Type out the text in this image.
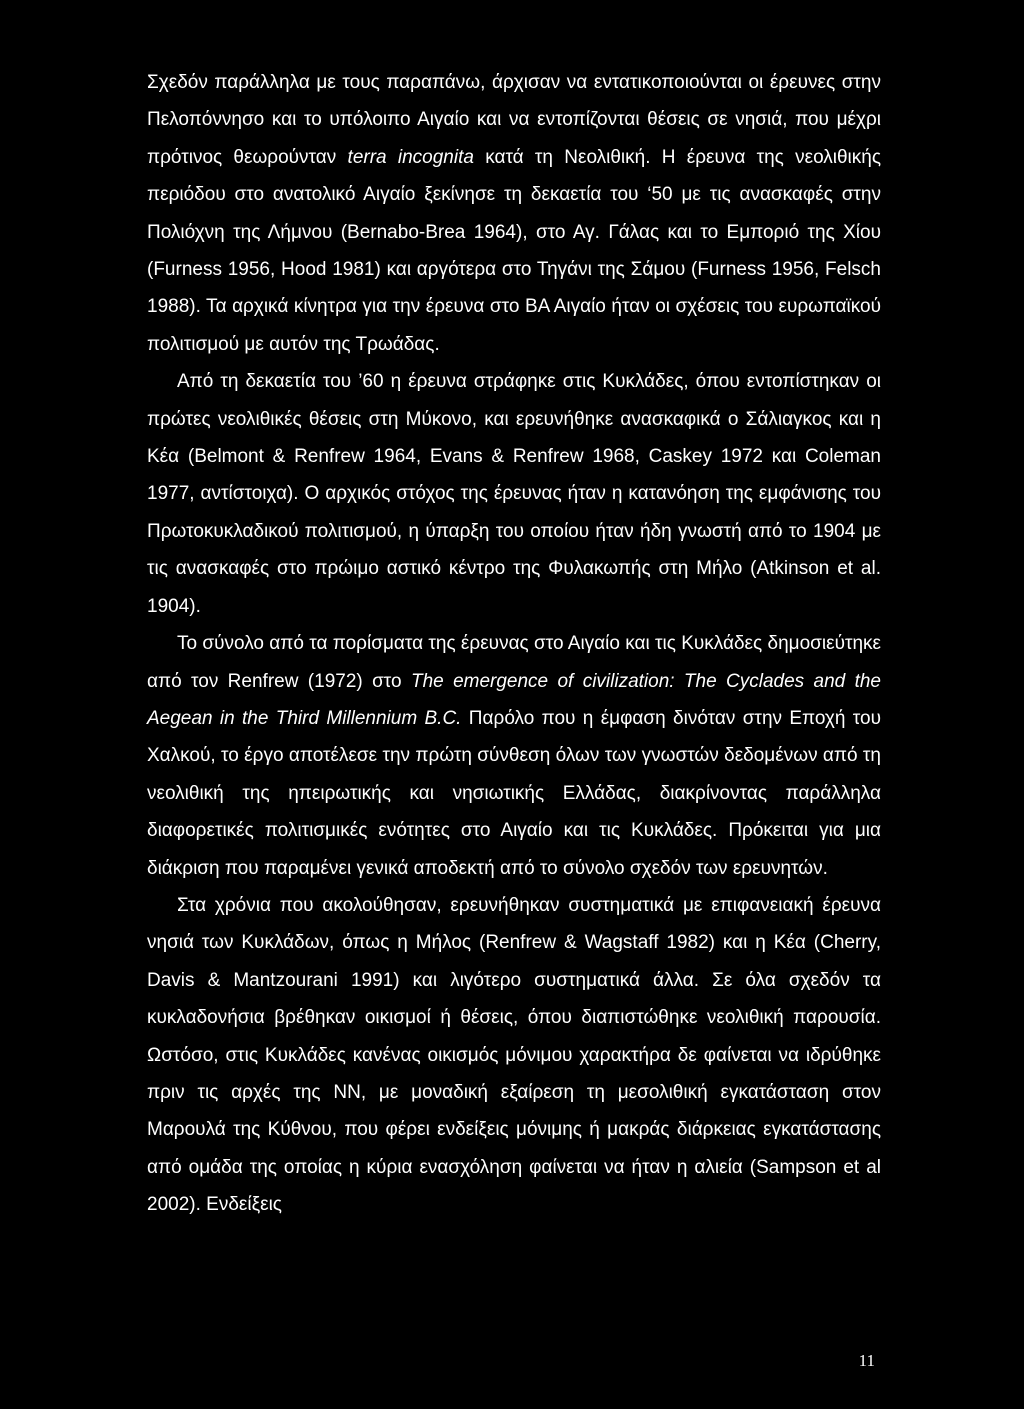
Σχεδόν παράλληλα με τους παραπάνω, άρχισαν να εντατικοποιούνται οι έρευνες στην Πελοπόννησο και το υπόλοιπο Αιγαίο και να εντοπίζονται θέσεις σε νησιά, που μέχρι πρότινος θεωρούνταν terra incognita κατά τη Νεολιθική. Η έρευνα της νεολιθικής περιόδου στο ανατολικό Αιγαίο ξεκίνησε τη δεκαετία του ‘50 με τις ανασκαφές στην Πολιόχνη της Λήμνου (Bernabo-Brea 1964), στο Αγ. Γάλας και το Εμποριό της Χίου (Furness 1956, Hood 1981) και αργότερα στο Τηγάνι της Σάμου (Furness 1956, Felsch 1988). Τα αρχικά κίνητρα για την έρευνα στο ΒΑ Αιγαίο ήταν οι σχέσεις του ευρωπαϊκού πολιτισμού με αυτόν της Τρωάδας.

Από τη δεκαετία του ’60 η έρευνα στράφηκε στις Κυκλάδες, όπου εντοπίστηκαν οι πρώτες νεολιθικές θέσεις στη Μύκονο, και ερευνήθηκε ανασκαφικά ο Σάλιαγκος και η Κέα (Belmont & Renfrew 1964, Evans & Renfrew 1968, Caskey 1972 και Coleman 1977, αντίστοιχα). Ο αρχικός στόχος της έρευνας ήταν η κατανόηση της εμφάνισης του Πρωτοκυκλαδικού πολιτισμού, η ύπαρξη του οποίου ήταν ήδη γνωστή από το 1904 με τις ανασκαφές στο πρώιμο αστικό κέντρο της Φυλακωπής στη Μήλο (Atkinson et al. 1904).

Το σύνολο από τα πορίσματα της έρευνας στο Αιγαίο και τις Κυκλάδες δημοσιεύτηκε από τον Renfrew (1972) στο The emergence of civilization: The Cyclades and the Aegean in the Third Millennium B.C. Παρόλο που η έμφαση δινόταν στην Εποχή του Χαλκού, το έργο αποτέλεσε την πρώτη σύνθεση όλων των γνωστών δεδομένων από τη νεολιθική της ηπειρωτικής και νησιωτικής Ελλάδας, διακρίνοντας παράλληλα διαφορετικές πολιτισμικές ενότητες στο Αιγαίο και τις Κυκλάδες. Πρόκειται για μια διάκριση που παραμένει γενικά αποδεκτή από το σύνολο σχεδόν των ερευνητών.

Στα χρόνια που ακολούθησαν, ερευνήθηκαν συστηματικά με επιφανειακή έρευνα νησιά των Κυκλάδων, όπως η Μήλος (Renfrew & Wagstaff 1982) και η Κέα (Cherry, Davis & Mantzourani 1991) και λιγότερο συστηματικά άλλα. Σε όλα σχεδόν τα κυκλαδονήσια βρέθηκαν οικισμοί ή θέσεις, όπου διαπιστώθηκε νεολιθική παρουσία. Ωστόσο, στις Κυκλάδες κανένας οικισμός μόνιμου χαρακτήρα δε φαίνεται να ιδρύθηκε πριν τις αρχές της ΝΝ, με μοναδική εξαίρεση τη μεσολιθική εγκατάσταση στον Μαρουλά της Κύθνου, που φέρει ενδείξεις μόνιμης ή μακράς διάρκειας εγκατάστασης από ομάδα της οποίας η κύρια ενασχόληση φαίνεται να ήταν η αλιεία (Sampson et al 2002). Ενδείξεις

11
